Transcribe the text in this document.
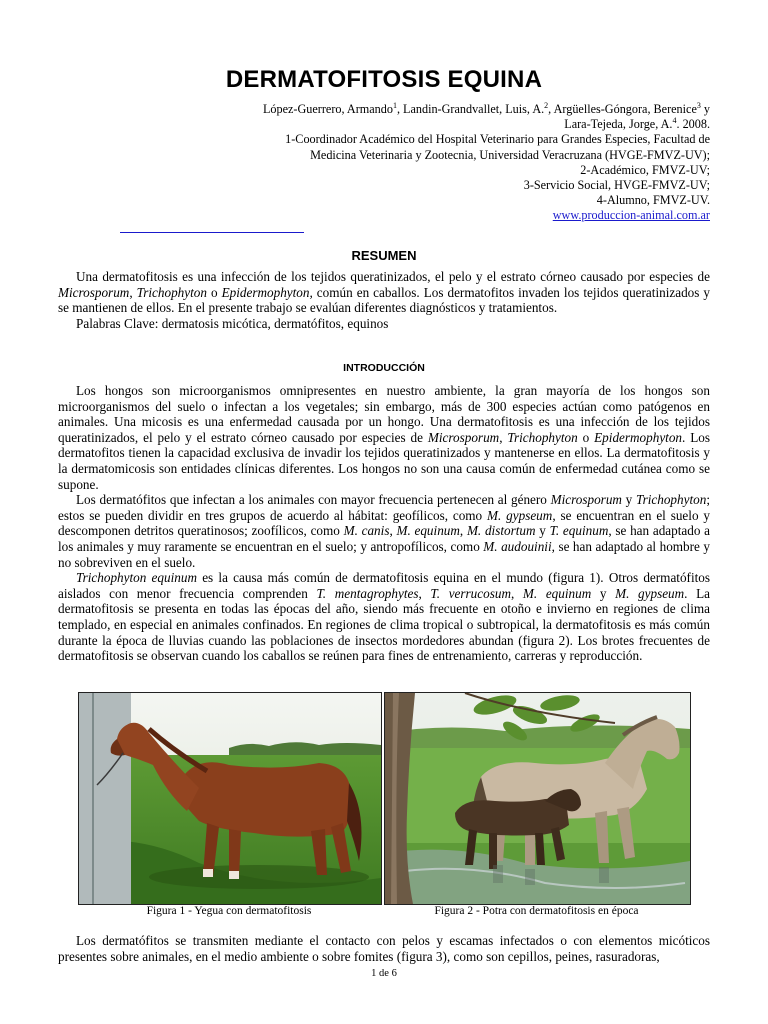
DERMATOFITOSIS EQUINA
López-Guerrero, Armando$^1$, Landin-Grandvallet, Luis, A.$^2$, Argüelles-Góngora, Berenice$^3$ y
Lara-Tejeda, Jorge, A.$^4$. 2008.
1-Coordinador Académico del Hospital Veterinario para Grandes Especies, Facultad de
Medicina Veterinaria y Zootecnia, Universidad Veracruzana (HVGE-FMVZ-UV);
2-Académico, FMVZ-UV;
3-Servicio Social, HVGE-FMVZ-UV;
4-Alumno, FMVZ-UV.
www.produccion-animal.com.ar
RESUMEN

Una dermatofitosis es una infección de los tejidos queratinizados, el pelo y el estrato córneo causado por especies de Microsporum, Trichophyton o Epidermophyton, común en caballos. Los dermatofitos invaden los tejidos queratinizados y se mantienen de ellos. En el presente trabajo se evalúan diferentes diagnósticos y tratamientos.

Palabras Clave: dermatosis micótica, dermatófitos, equinos

INTRODUCCIÓN

Los hongos son microorganismos omnipresentes en nuestro ambiente, la gran mayoría de los hongos son microorganismos del suelo o infectan a los vegetales; sin embargo, más de 300 especies actúan como patógenos en animales. Una micosis es una enfermedad causada por un hongo. Una dermatofitosis es una infección de los tejidos queratinizados, el pelo y el estrato córneo causado por especies de Microsporum, Trichophyton o Epidermophyton. Los dermatofitos tienen la capacidad exclusiva de invadir los tejidos queratinizados y mantenerse en ellos. La dermatofitosis y la dermatomicosis son entidades clínicas diferentes. Los hongos no son una causa común de enfermedad cutánea como se supone.

Los dermatófitos que infectan a los animales con mayor frecuencia pertenecen al género Microsporum y Trichophyton; estos se pueden dividir en tres grupos de acuerdo al hábitat: geofílicos, como M. gypseum, se encuentran en el suelo y descomponen detritos queratinosos; zoofílicos, como M. canis, M. equinum, M. distortum y T. equinum, se han adaptado a los animales y muy raramente se encuentran en el suelo; y antropofílicos, como M. audouinii, se han adaptado al hombre y no sobreviven en el suelo.

Trichophyton equinum es la causa más común de dermatofitosis equina en el mundo (figura 1). Otros dermatófitos aislados con menor frecuencia comprenden T. mentagrophytes, T. verrucosum, M. equinum y M. gypseum. La dermatofitosis se presenta en todas las épocas del año, siendo más frecuente en otoño e invierno en regiones de clima templado, en especial en animales confinados. En regiones de clima tropical o subtropical, la dermatofitosis es más común durante la época de lluvias cuando las poblaciones de insectos mordedores abundan (figura 2). Los brotes frecuentes de dermatofitosis se observan cuando los caballos se reúnen para fines de entrenamiento, carreras y reproducción.

Figura 1 - Yegua con dermatofitosis	Figura 2 - Potra con dermatofitosis en época

Los dermatófitos se transmiten mediante el contacto con pelos y escamas infectados o con elementos micóticos presentes sobre animales, en el medio ambiente o sobre fomites (figura 3), como son cepillos, peines, rasuradoras,

1 de 6
